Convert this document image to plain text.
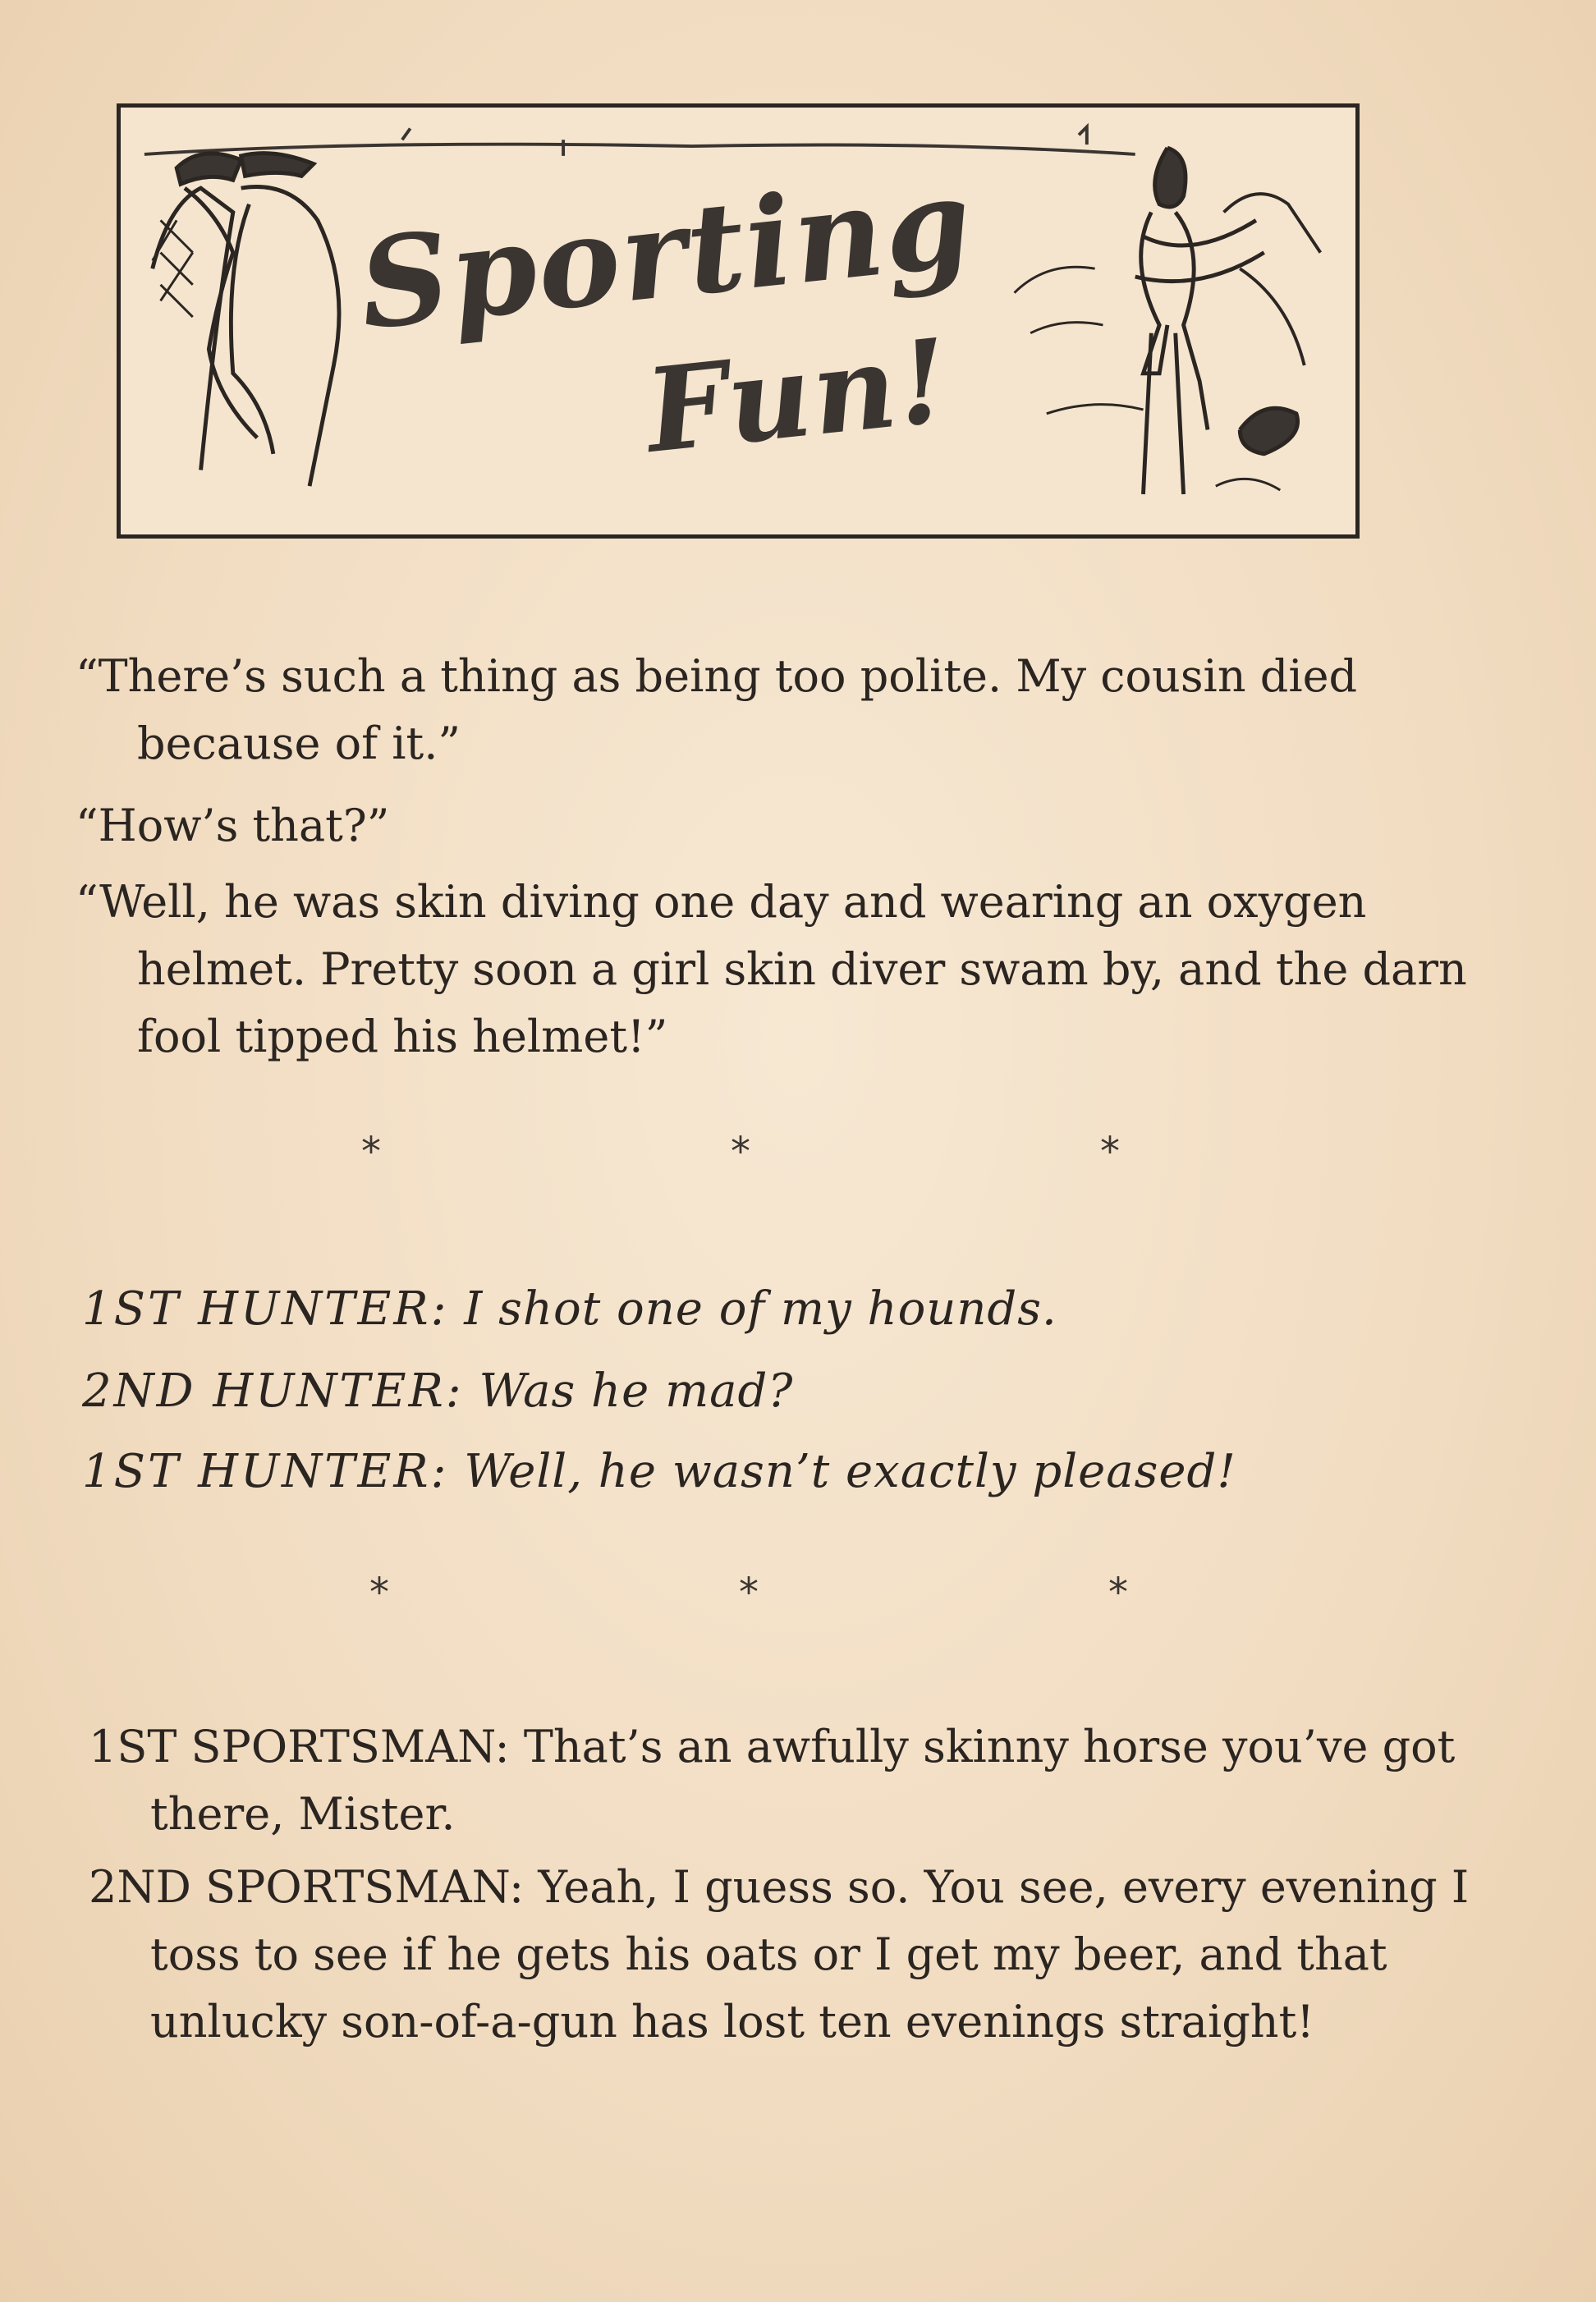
Sporting
Fun!
“There’s such a thing as being too polite. My cousin died because of it.”
“How’s that?”
“Well, he was skin diving one day and wearing an oxygen helmet. Pretty soon a girl skin diver swam by, and the darn fool tipped his helmet!”
*	*	*
1ST HUNTER: I shot one of my hounds.
2ND HUNTER: Was he mad?
1ST HUNTER: Well, he wasn’t exactly pleased!
*	*	*
1ST SPORTSMAN: That’s an awfully skinny horse you’ve got there, Mister.
2ND SPORTSMAN: Yeah, I guess so. You see, every evening I toss to see if he gets his oats or I get my beer, and that unlucky son-of-a-gun has lost ten evenings straight!
